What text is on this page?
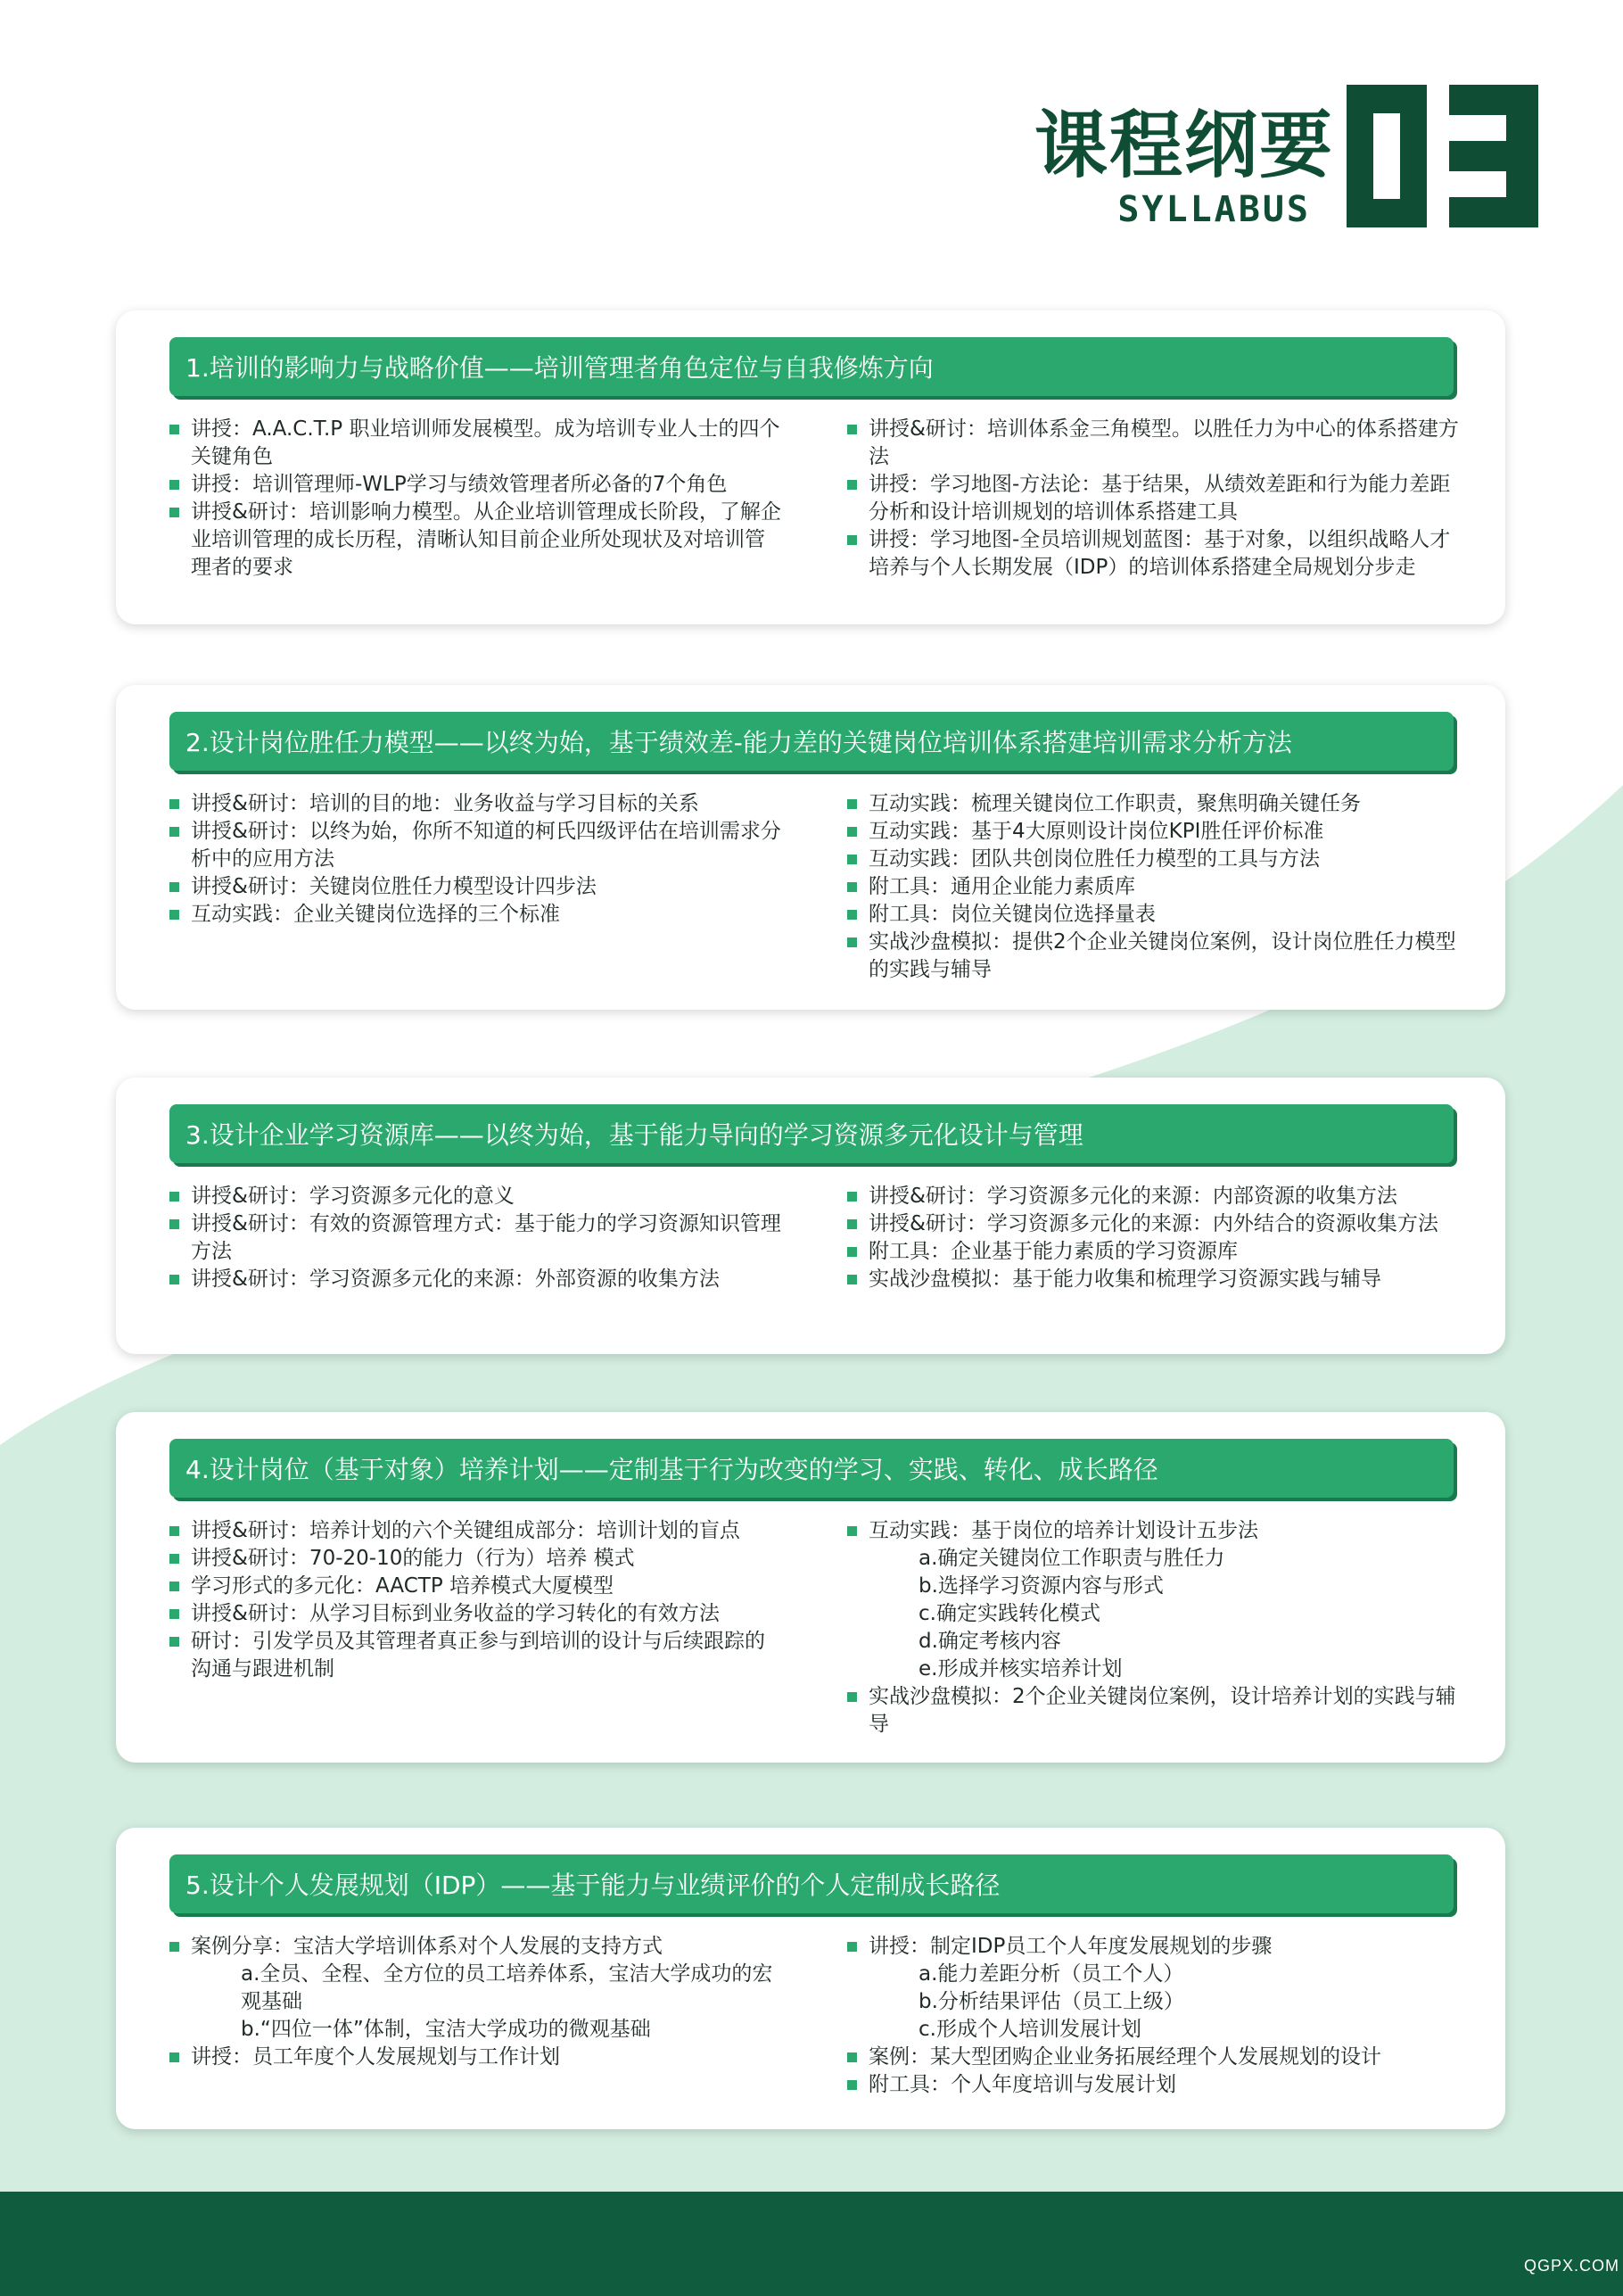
课程纲要
SYLLABUS
03
1.培训的影响力与战略价值——培训管理者角色定位与自我修炼方向
讲授：A.A.C.T.P 职业培训师发展模型。成为培训专业人士的四个关键角色
讲授：培训管理师-WLP学习与绩效管理者所必备的7个角色
讲授&研讨：培训影响力模型。从企业培训管理成长阶段，了解企业培训管理的成长历程，清晰认知目前企业所处现状及对培训管理者的要求
讲授&研讨：培训体系金三角模型。以胜任力为中心的体系搭建方法
讲授：学习地图-方法论：基于结果，从绩效差距和行为能力差距分析和设计培训规划的培训体系搭建工具
讲授：学习地图-全员培训规划蓝图：基于对象，以组织战略人才培养与个人长期发展（IDP）的培训体系搭建全局规划分步走
2.设计岗位胜任力模型——以终为始，基于绩效差-能力差的关键岗位培训体系搭建培训需求分析方法
讲授&研讨：培训的目的地：业务收益与学习目标的关系
讲授&研讨：以终为始，你所不知道的柯氏四级评估在培训需求分析中的应用方法
讲授&研讨：关键岗位胜任力模型设计四步法
互动实践：企业关键岗位选择的三个标准
互动实践：梳理关键岗位工作职责，聚焦明确关键任务
互动实践：基于4大原则设计岗位KPI胜任评价标准
互动实践：团队共创岗位胜任力模型的工具与方法
附工具：通用企业能力素质库
附工具：岗位关键岗位选择量表
实战沙盘模拟：提供2个企业关键岗位案例，设计岗位胜任力模型的实践与辅导
3.设计企业学习资源库——以终为始，基于能力导向的学习资源多元化设计与管理
讲授&研讨：学习资源多元化的意义
讲授&研讨：有效的资源管理方式：基于能力的学习资源知识管理方法
讲授&研讨：学习资源多元化的来源：外部资源的收集方法
讲授&研讨：学习资源多元化的来源：内部资源的收集方法
讲授&研讨：学习资源多元化的来源：内外结合的资源收集方法
附工具：企业基于能力素质的学习资源库
实战沙盘模拟：基于能力收集和梳理学习资源实践与辅导
4.设计岗位（基于对象）培养计划——定制基于行为改变的学习、实践、转化、成长路径
讲授&研讨：培养计划的六个关键组成部分：培训计划的盲点
讲授&研讨：70-20-10的能力（行为）培养 模式
学习形式的多元化：AACTP 培养模式大厦模型
讲授&研讨：从学习目标到业务收益的学习转化的有效方法
研讨：引发学员及其管理者真正参与到培训的设计与后续跟踪的沟通与跟进机制
互动实践：基于岗位的培养计划设计五步法
a.确定关键岗位工作职责与胜任力
b.选择学习资源内容与形式
c.确定实践转化模式
d.确定考核内容
e.形成并核实培养计划
实战沙盘模拟：2个企业关键岗位案例，设计培养计划的实践与辅导
5.设计个人发展规划（IDP）——基于能力与业绩评价的个人定制成长路径
案例分享：宝洁大学培训体系对个人发展的支持方式
a.全员、全程、全方位的员工培养体系，宝洁大学成功的宏观基础
b.“四位一体”体制，宝洁大学成功的微观基础
讲授：员工年度个人发展规划与工作计划
讲授：制定IDP员工个人年度发展规划的步骤
a.能力差距分析（员工个人）
b.分析结果评估（员工上级）
c.形成个人培训发展计划
案例：某大型团购企业业务拓展经理个人发展规划的设计
附工具：个人年度培训与发展计划
QGPX.COM
